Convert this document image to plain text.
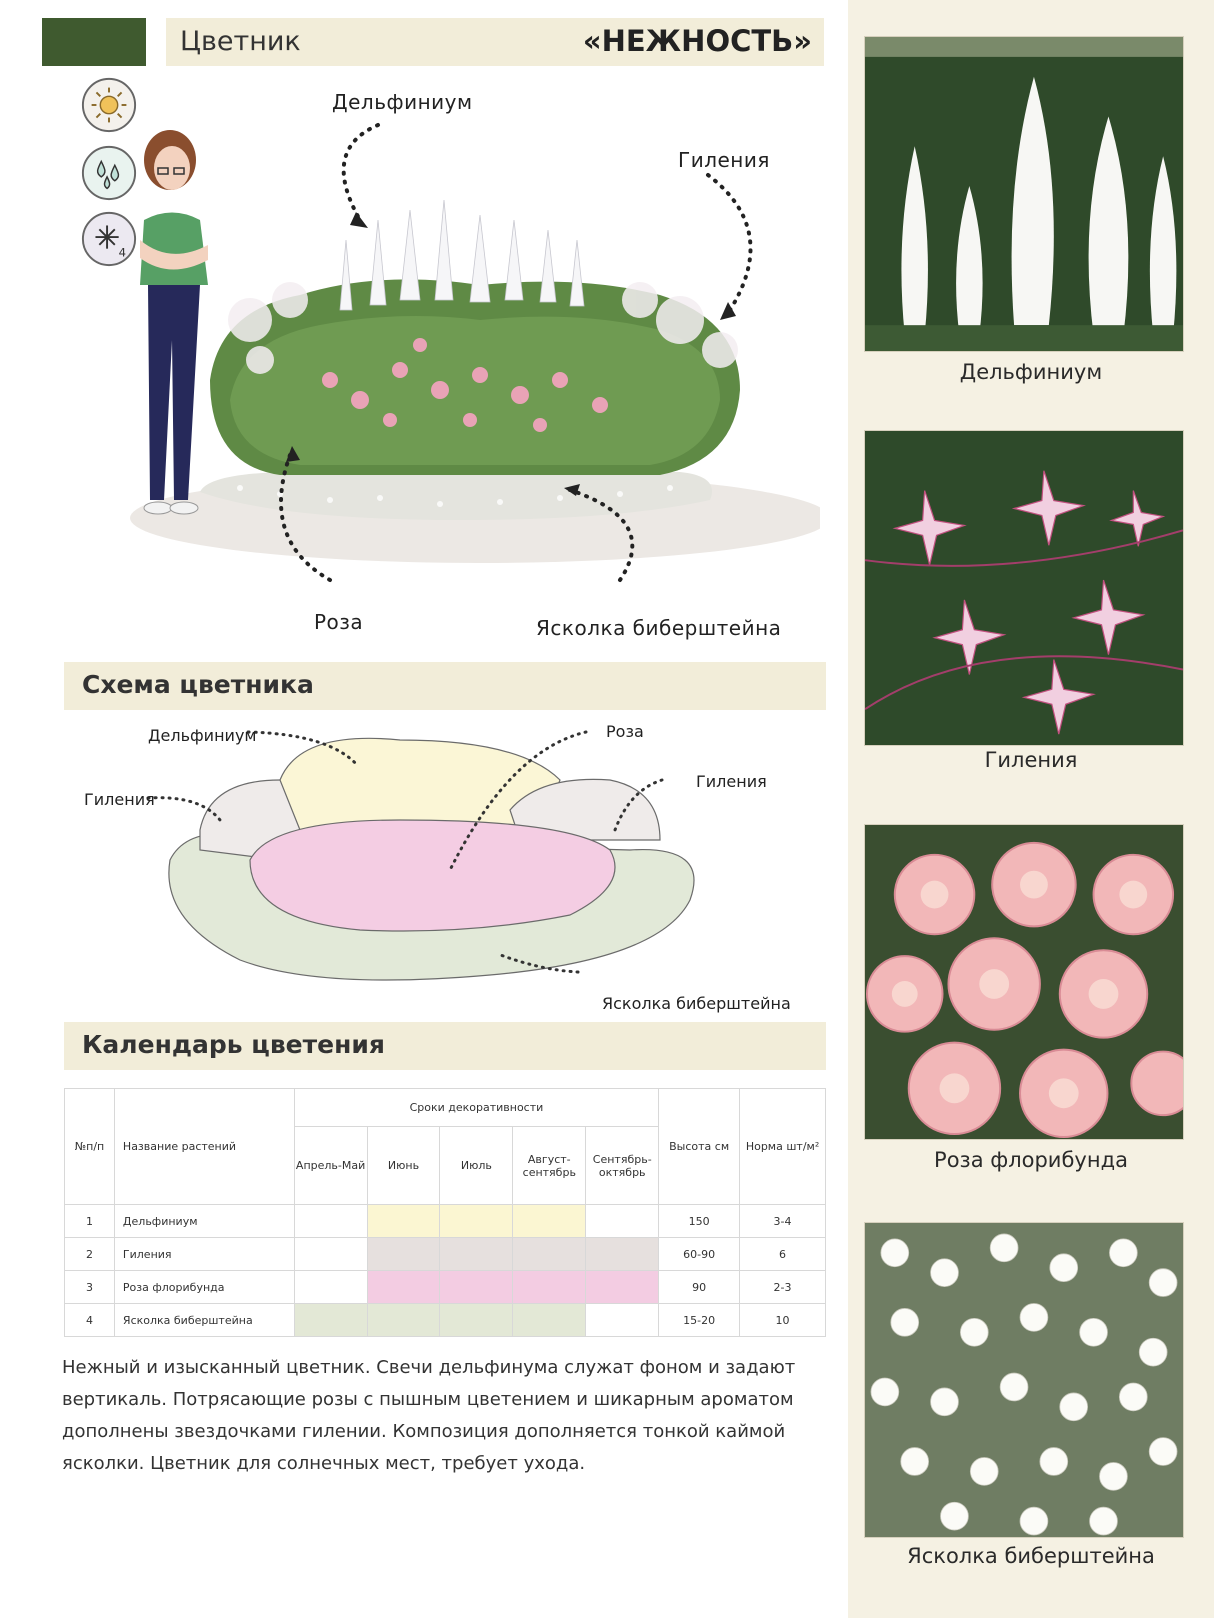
Цветник	«НЕЖНОСТЬ»
4
Дельфиниум
Гиления
Роза	Ясколка биберштейна
Схема цветника
Дельфиниум	Роза
Гиления
Гиления
Ясколка биберштейна
Календарь цветения
№п/п	Название растений	Сроки декоративности					Высота см	Норма шт/м²
		Апрель-Май	Июнь	Июль	Август-сентябрь	Сентябрь-октябрь		
1	Дельфиниум						150	3-4
2	Гиления						60-90	6
3	Роза флорибунда						90	2-3
4	Ясколка биберштейна						15-20	10

Нежный и изысканный цветник. Свечи дельфинума служат фоном и задают вертикаль. Потрясающие розы с пышным цветением и шикарным ароматом дополнены звездочками гилении. Композиция дополняется тонкой каймой ясколки. Цветник для солнечных мест, требует ухода.

Дельфиниум
Гиления
Роза флорибунда
Ясколка биберштейна
